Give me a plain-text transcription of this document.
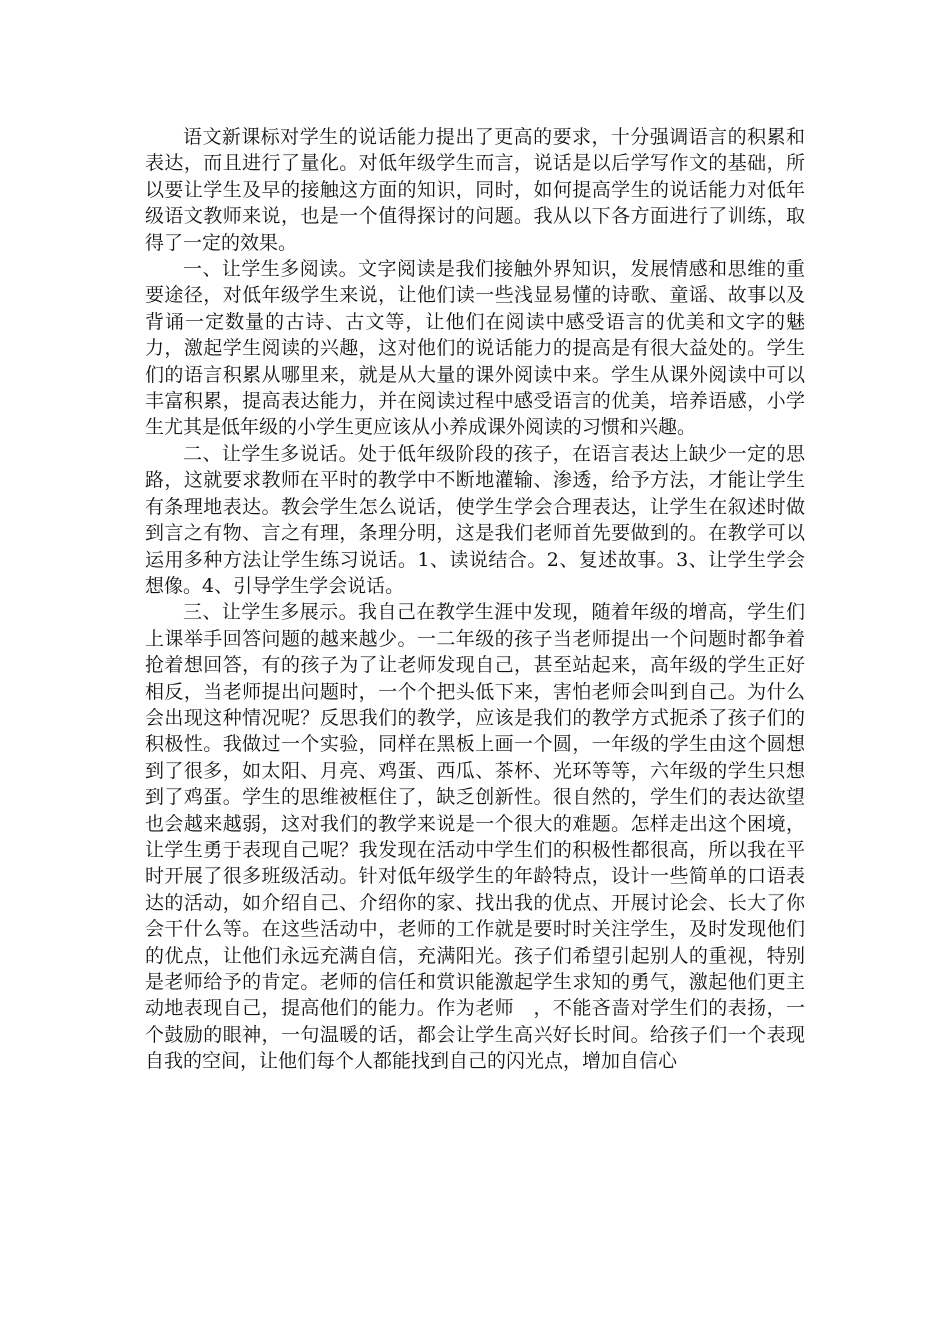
语文新课标对学生的说话能力提出了更高的要求，十分强调语言的积累和表达，而且进行了量化。对低年级学生而言，说话是以后学写作文的基础，所以要让学生及早的接触这方面的知识，同时，如何提高学生的说话能力对低年级语文教师来说，也是一个值得探讨的问题。我从以下各方面进行了训练，取得了一定的效果。

一、让学生多阅读。文字阅读是我们接触外界知识，发展情感和思维的重要途径，对低年级学生来说，让他们读一些浅显易懂的诗歌、童谣、故事以及背诵一定数量的古诗、古文等，让他们在阅读中感受语言的优美和文字的魅力，激起学生阅读的兴趣，这对他们的说话能力的提高是有很大益处的。学生们的语言积累从哪里来，就是从大量的课外阅读中来。学生从课外阅读中可以丰富积累，提高表达能力，并在阅读过程中感受语言的优美，培养语感，小学生尤其是低年级的小学生更应该从小养成课外阅读的习惯和兴趣。

二、让学生多说话。处于低年级阶段的孩子，在语言表达上缺少一定的思路，这就要求教师在平时的教学中不断地灌输、渗透，给予方法，才能让学生有条理地表达。教会学生怎么说话，使学生学会合理表达，让学生在叙述时做到言之有物、言之有理，条理分明，这是我们老师首先要做到的。在教学可以运用多种方法让学生练习说话。1、读说结合。2、复述故事。3、让学生学会想像。4、引导学生学会说话。

三、让学生多展示。我自己在教学生涯中发现，随着年级的增高，学生们上课举手回答问题的越来越少。一二年级的孩子当老师提出一个问题时都争着抢着想回答，有的孩子为了让老师发现自己，甚至站起来，高年级的学生正好相反，当老师提出问题时，一个个把头低下来，害怕老师会叫到自己。为什么会出现这种情况呢？反思我们的教学，应该是我们的教学方式扼杀了孩子们的积极性。我做过一个实验，同样在黑板上画一个圆，一年级的学生由这个圆想到了很多，如太阳、月亮、鸡蛋、西瓜、茶杯、光环等等，六年级的学生只想到了鸡蛋。学生的思维被框住了，缺乏创新性。很自然的，学生们的表达欲望也会越来越弱，这对我们的教学来说是一个很大的难题。怎样走出这个困境，让学生勇于表现自己呢？我发现在活动中学生们的积极性都很高，所以我在平时开展了很多班级活动。针对低年级学生的年龄特点，设计一些简单的口语表达的活动，如介绍自己、介绍你的家、找出我的优点、开展讨论会、长大了你会干什么等。在这些活动中，老师的工作就是要时时关注学生，及时发现他们的优点，让他们永远充满自信，充满阳光。孩子们希望引起别人的重视，特别是老师给予的肯定。老师的信任和赏识能激起学生求知的勇气，激起他们更主动地表现自己，提高他们的能力。作为老师　，不能吝啬对学生们的表扬，一个鼓励的眼神，一句温暖的话，都会让学生高兴好长时间。给孩子们一个表现自我的空间，让他们每个人都能找到自己的闪光点，增加自信心
